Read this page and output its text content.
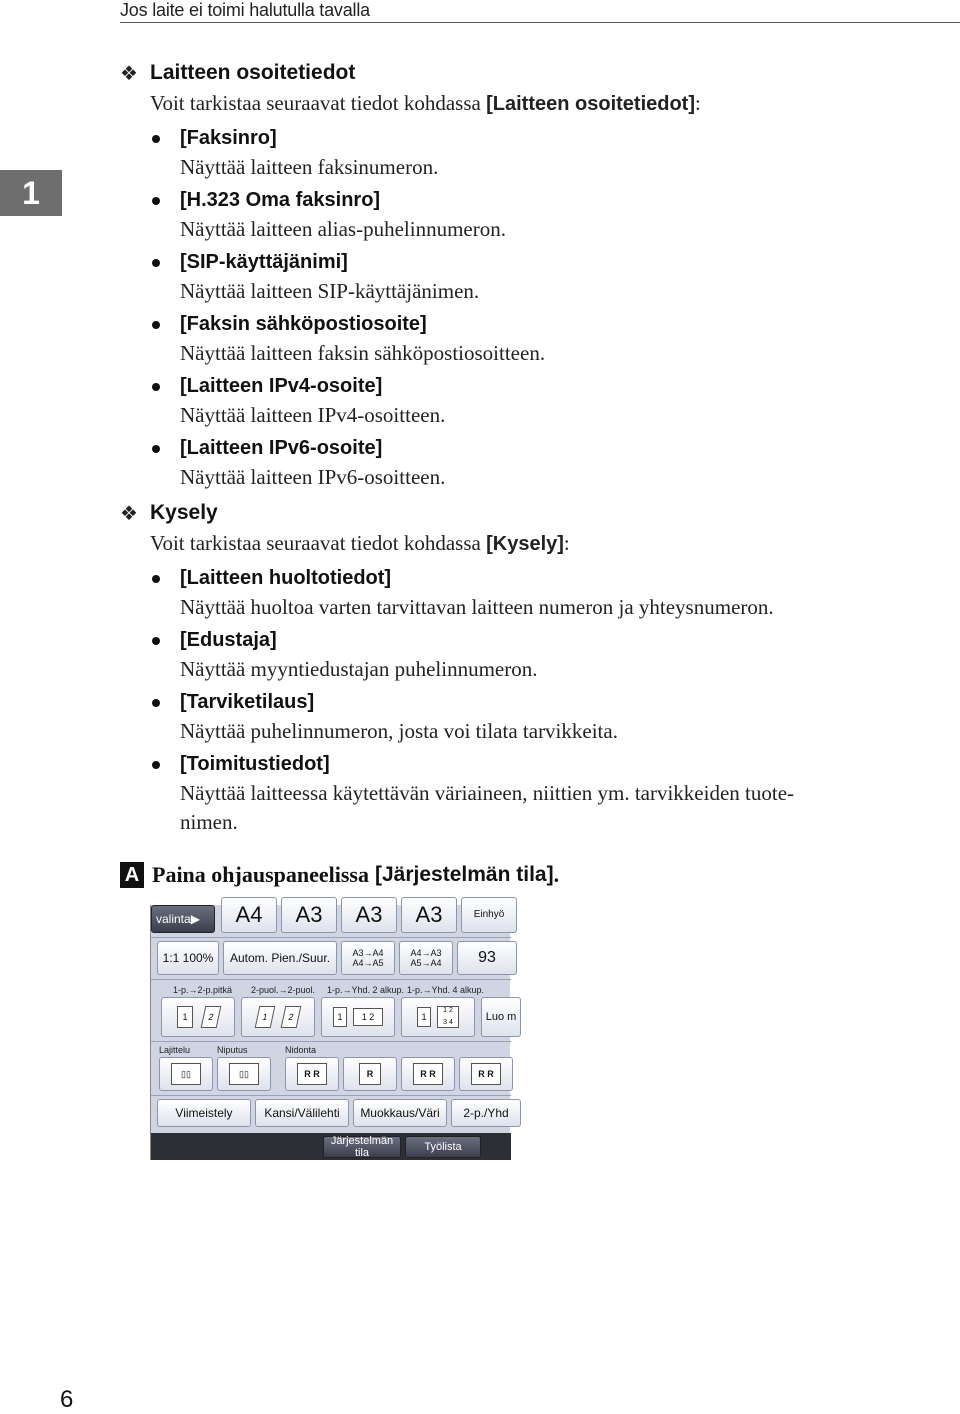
Jos laite ei toimi halutulla tavalla
1
❖ Laitteen osoitetiedot
Voit tarkistaa seuraavat tiedot kohdassa [Laitteen osoitetiedot]:
[Faksinro]
Näyttää laitteen faksinumeron.
[H.323 Oma faksinro]
Näyttää laitteen alias-puhelinnumeron.
[SIP-käyttäjänimi]
Näyttää laitteen SIP-käyttäjänimen.
[Faksin sähköpostiosoite]
Näyttää laitteen faksin sähköpostiosoitteen.
[Laitteen IPv4-osoite]
Näyttää laitteen IPv4-osoitteen.
[Laitteen IPv6-osoite]
Näyttää laitteen IPv6-osoitteen.
❖ Kysely
Voit tarkistaa seuraavat tiedot kohdassa [Kysely]:
[Laitteen huoltotiedot]
Näyttää huoltoa varten tarvittavan laitteen numeron ja yhteysnumeron.
[Edustaja]
Näyttää myyntiedustajan puhelinnumeron.
[Tarviketilaus]
Näyttää puhelinnumeron, josta voi tilata tarvikkeita.
[Toimitustiedot]
Näyttää laitteessa käytettävän väriaineen, niittien ym. tarvikkeiden tuote-
nimen.
A Paina ohjauspaneelissa [Järjestelmän tila] .
valinta▶	A4	A3	A3	A3	Einhyö
1:1 100%	Autom. Pien./Suur.	A3→A4
A4→A5
A4→A3
A5→A4	93
1-p.→2-p.pitkä 2-puol.→2-puol. 1-p.→Yhd. 2 alkup. 1-p.→Yhd. 4 alkup.
1	2	1	2	1	1 2	1
1 2
3 4	Luo m
Lajittelu	Niputus	Nidonta
▯▯	▯▯	R R	R	R R	R R
Viimeistely	Kansi/Välilehti	Muokkaus/Väri	2-p./Yhd
Järjestelmän tila	Työlista
6
